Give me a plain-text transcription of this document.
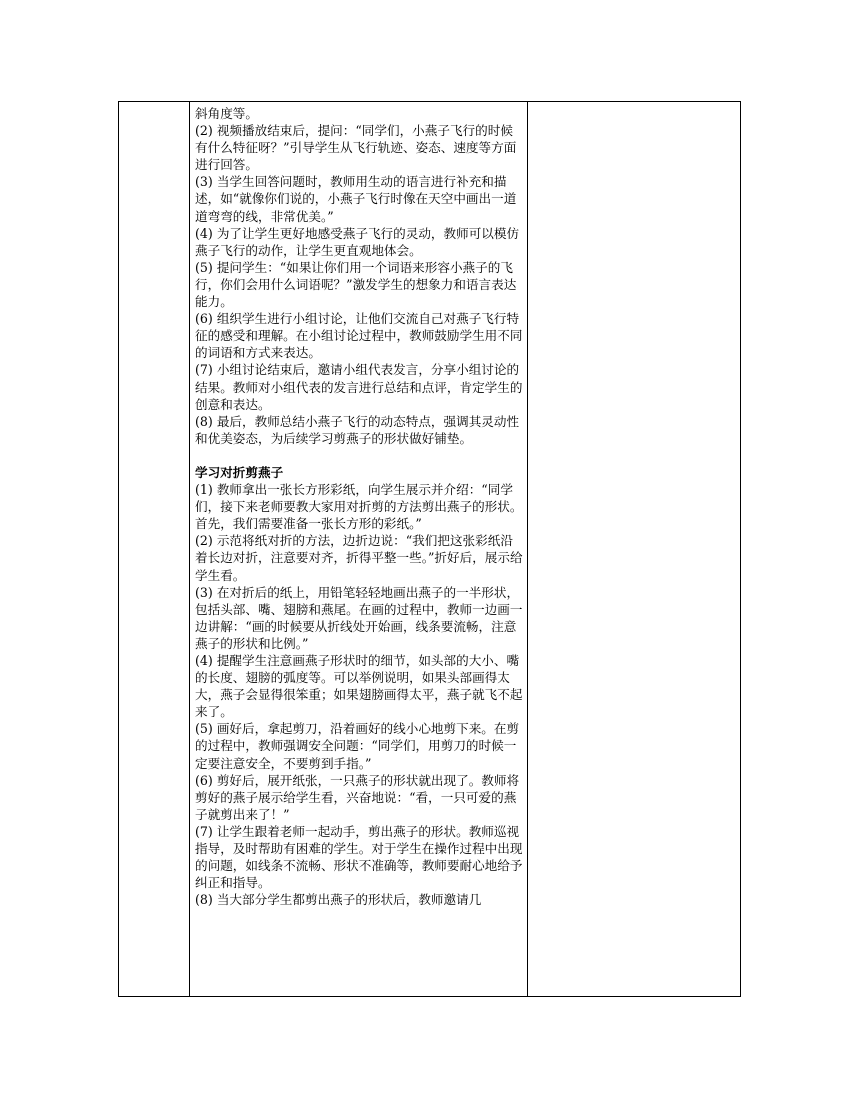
斜角度等。

(2) 视频播放结束后，提问：“同学们，小燕子飞行的时候有什么特征呀？”引导学生从飞行轨迹、姿态、速度等方面进行回答。

(3) 当学生回答问题时，教师用生动的语言进行补充和描述，如“就像你们说的，小燕子飞行时像在天空中画出一道道弯弯的线，非常优美。”

(4) 为了让学生更好地感受燕子飞行的灵动，教师可以模仿燕子飞行的动作，让学生更直观地体会。

(5) 提问学生：“如果让你们用一个词语来形容小燕子的飞行，你们会用什么词语呢？”激发学生的想象力和语言表达能力。

(6) 组织学生进行小组讨论，让他们交流自己对燕子飞行特征的感受和理解。在小组讨论过程中，教师鼓励学生用不同的词语和方式来表达。

(7) 小组讨论结束后，邀请小组代表发言，分享小组讨论的结果。教师对小组代表的发言进行总结和点评，肯定学生的创意和表达。

(8) 最后，教师总结小燕子飞行的动态特点，强调其灵动性和优美姿态，为后续学习剪燕子的形状做好铺垫。

学习对折剪燕子

(1) 教师拿出一张长方形彩纸，向学生展示并介绍：“同学们，接下来老师要教大家用对折剪的方法剪出燕子的形状。首先，我们需要准备一张长方形的彩纸。”

(2) 示范将纸对折的方法，边折边说：“我们把这张彩纸沿着长边对折，注意要对齐，折得平整一些。”折好后，展示给学生看。

(3) 在对折后的纸上，用铅笔轻轻地画出燕子的一半形状，包括头部、嘴、翅膀和燕尾。在画的过程中，教师一边画一边讲解：“画的时候要从折线处开始画，线条要流畅，注意燕子的形状和比例。”

(4) 提醒学生注意画燕子形状时的细节，如头部的大小、嘴的长度、翅膀的弧度等。可以举例说明，如果头部画得太大，燕子会显得很笨重；如果翅膀画得太平，燕子就飞不起来了。

(5) 画好后，拿起剪刀，沿着画好的线小心地剪下来。在剪的过程中，教师强调安全问题：“同学们，用剪刀的时候一定要注意安全，不要剪到手指。”

(6) 剪好后，展开纸张，一只燕子的形状就出现了。教师将剪好的燕子展示给学生看，兴奋地说：“看，一只可爱的燕子就剪出来了！”

(7) 让学生跟着老师一起动手，剪出燕子的形状。教师巡视指导，及时帮助有困难的学生。对于学生在操作过程中出现的问题，如线条不流畅、形状不准确等，教师要耐心地给予纠正和指导。

(8) 当大部分学生都剪出燕子的形状后，教师邀请几
